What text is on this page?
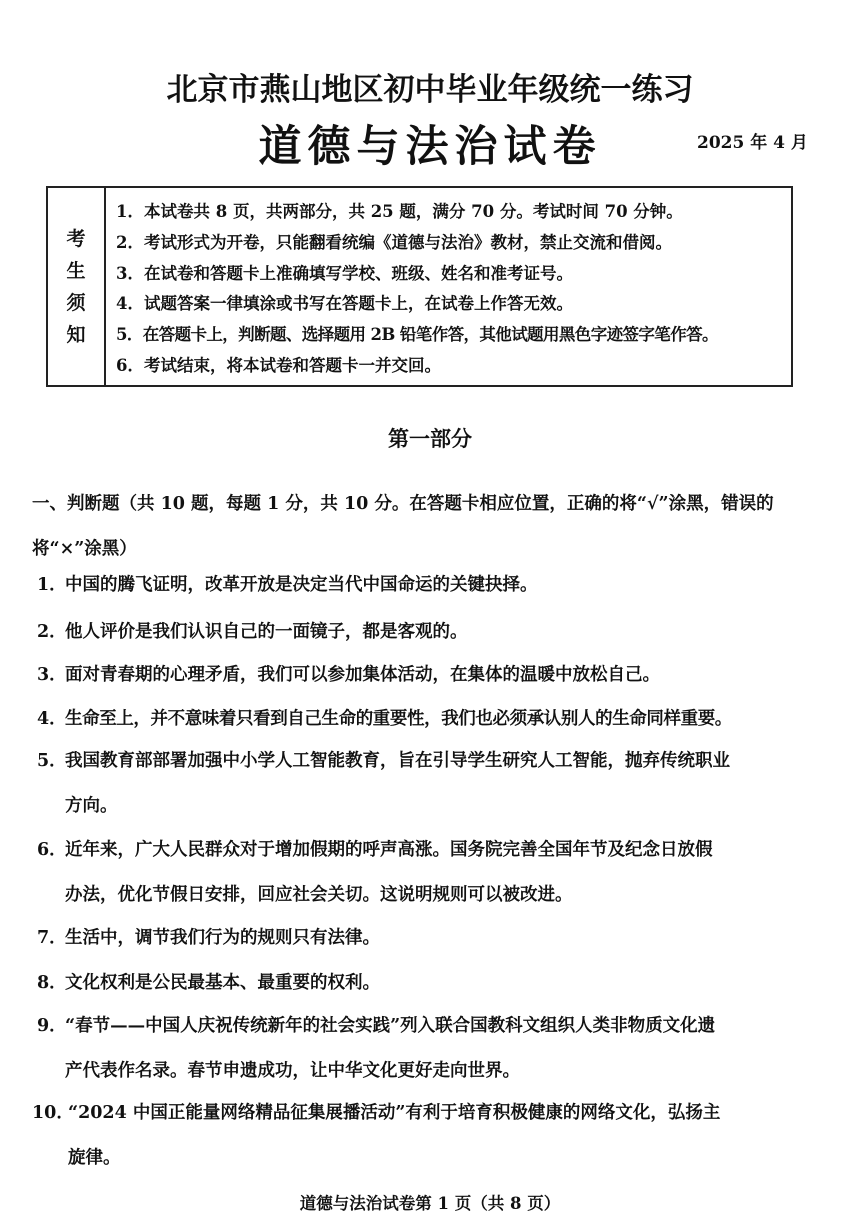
北京市燕山地区初中毕业年级统一练习
道德与法治试卷	2025 年 4 月
考
生
须
知
1．本试卷共 8 页，共两部分，共 25 题，满分 70 分。考试时间 70 分钟。
2．考试形式为开卷，只能翻看统编《道德与法治》教材，禁止交流和借阅。
3．在试卷和答题卡上准确填写学校、班级、姓名和准考证号。
4．试题答案一律填涂或书写在答题卡上，在试卷上作答无效。
5．在答题卡上，判断题、选择题用 2B 铅笔作答，其他试题用黑色字迹签字笔作答。
6．考试结束，将本试卷和答题卡一并交回。
第一部分
一、判断题（共 10 题，每题 1 分，共 10 分。在答题卡相应位置，正确的将“√”涂黑，错误的将“×”涂黑）
1．中国的腾飞证明，改革开放是决定当代中国命运的关键抉择。
2．他人评价是我们认识自己的一面镜子，都是客观的。
3．面对青春期的心理矛盾，我们可以参加集体活动，在集体的温暖中放松自己。
4．生命至上，并不意味着只看到自己生命的重要性，我们也必须承认别人的生命同样重要。
5．我国教育部部署加强中小学人工智能教育，旨在引导学生研究人工智能，抛弃传统职业
方向。
6．近年来，广大人民群众对于增加假期的呼声高涨。国务院完善全国年节及纪念日放假
办法，优化节假日安排，回应社会关切。这说明规则可以被改进。
7．生活中，调节我们行为的规则只有法律。
8．文化权利是公民最基本、最重要的权利。
9．“春节——中国人庆祝传统新年的社会实践”列入联合国教科文组织人类非物质文化遗
产代表作名录。春节申遗成功，让中华文化更好走向世界。
10．“2024 中国正能量网络精品征集展播活动”有利于培育积极健康的网络文化，弘扬主
旋律。
道德与法治试卷第 1 页（共 8 页）
